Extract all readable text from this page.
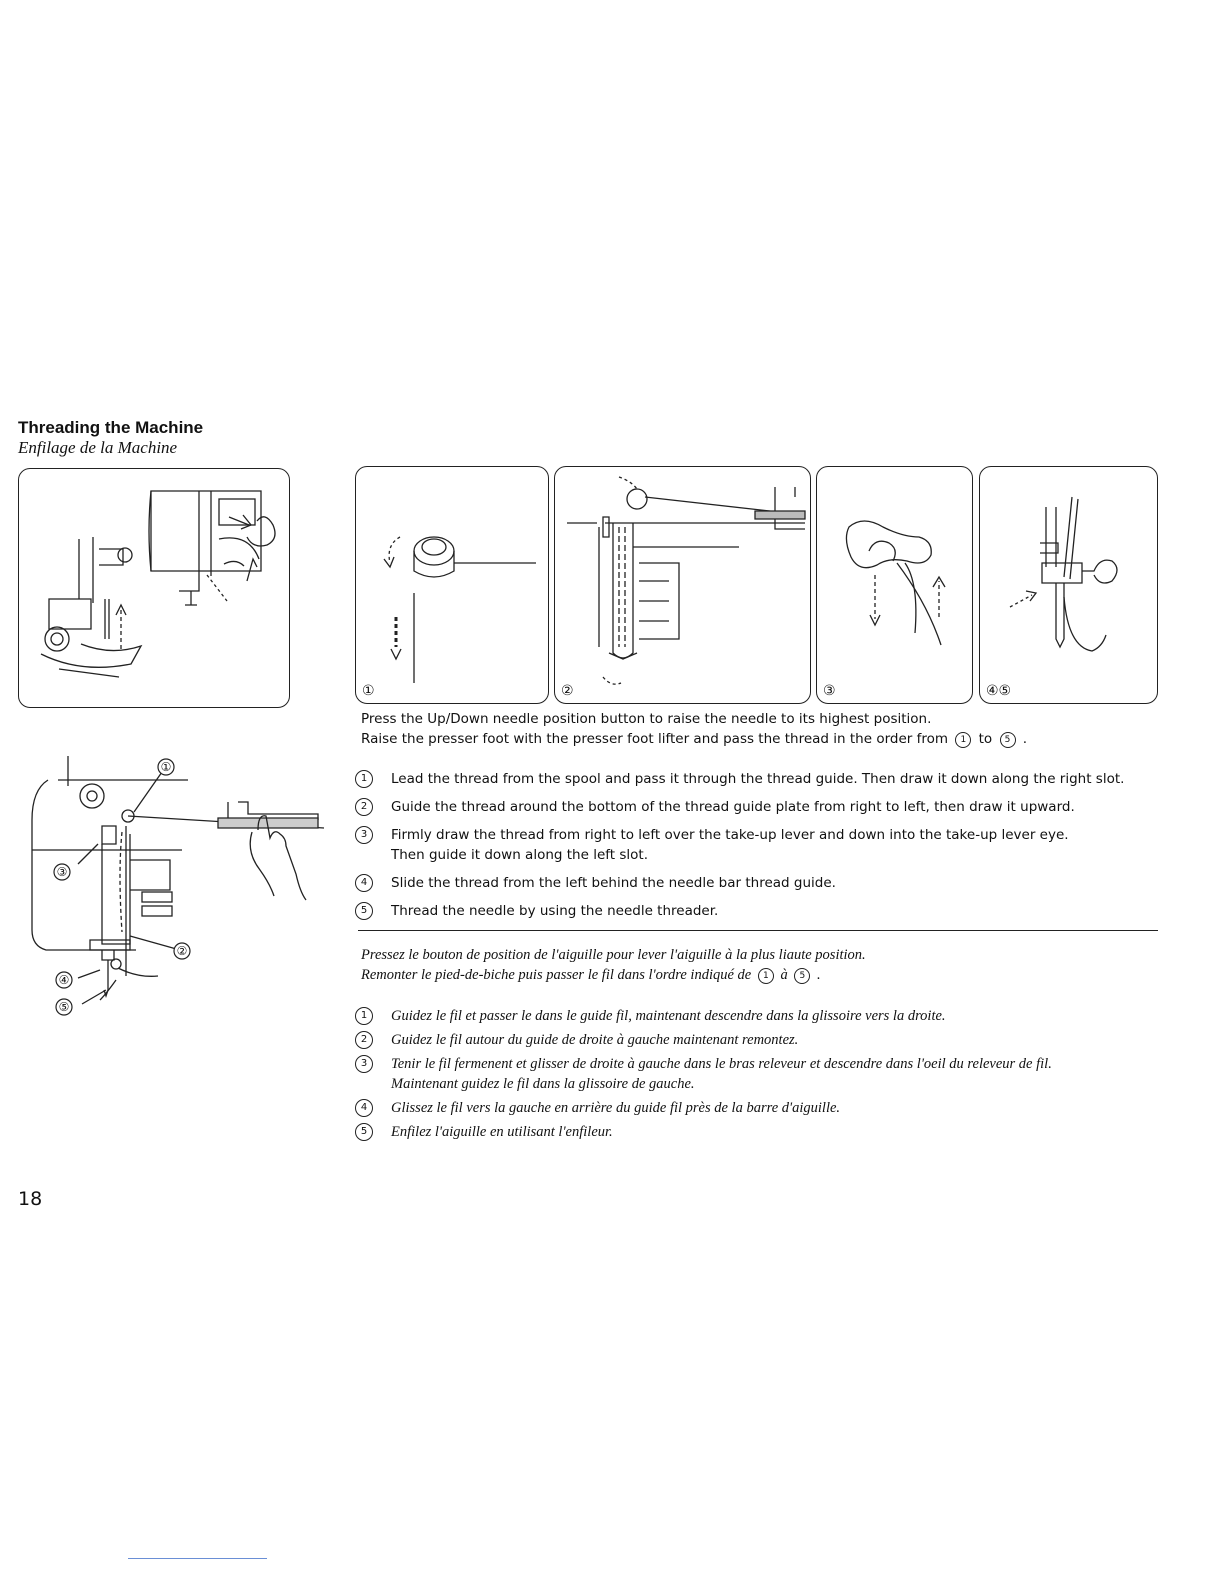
Threading the Machine
Enfilage de la Machine
①	②	③	④⑤
①
②
③
④
⑤
Press the Up/Down needle position button to raise the needle to its highest position.
Raise the presser foot with the presser foot lifter and pass the thread in the order from 1 to 5 .
1	Lead the thread from the spool and pass it through the thread guide. Then draw it down along the right slot.
2	Guide the thread around the bottom of the thread guide plate from right to left, then draw it upward.
3	Firmly draw the thread from right to left over the take-up lever and down into the take-up lever eye.
Then guide it down along the left slot.
4	Slide the thread from the left behind the needle bar thread guide.
5	Thread the needle by using the needle threader.
Pressez le bouton de position de l'aiguille pour lever l'aiguille à la plus liaute position.
Remonter le pied-de-biche puis passer le fil dans l'ordre indiqué de 1 à 5 .
1	Guidez le fil et passer le dans le guide fil, maintenant descendre dans la glissoire vers la droite.
2	Guidez le fil autour du guide de droite à gauche maintenant remontez.
3	Tenir le fil fermenent et glisser de droite à gauche dans le bras releveur et descendre dans l'oeil du releveur de fil.
Maintenant guidez le fil dans la glissoire de gauche.
4	Glissez le fil vers la gauche en arrière du guide fil près de la barre d'aiguille.
5	Enfilez l'aiguille en utilisant l'enfileur.
18
